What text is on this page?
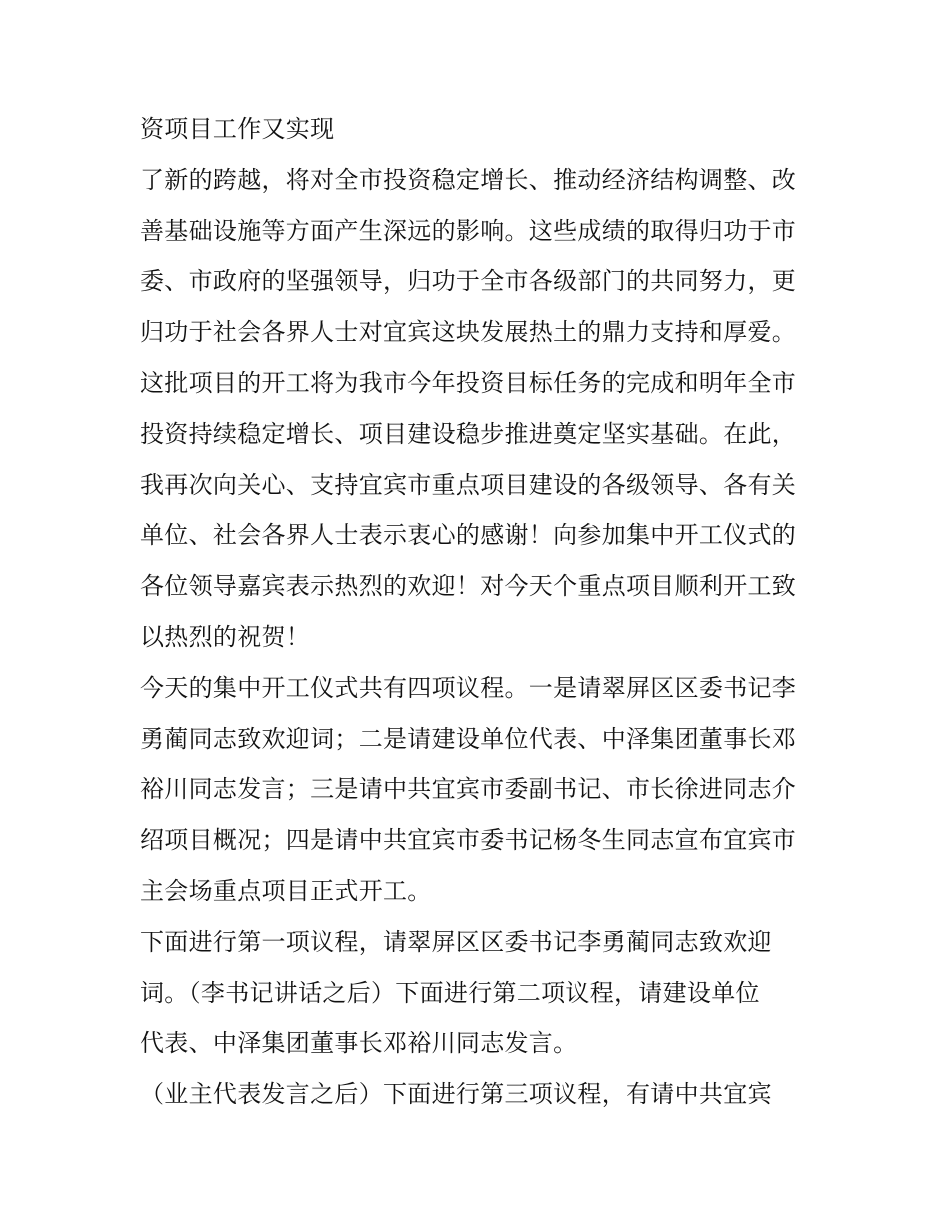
资项目工作又实现
了新的跨越，将对全市投资稳定增长、推动经济结构调整、改
善基础设施等方面产生深远的影响。这些成绩的取得归功于市
委、市政府的坚强领导，归功于全市各级部门的共同努力，更
归功于社会各界人士对宜宾这块发展热土的鼎力支持和厚爱。
这批项目的开工将为我市今年投资目标任务的完成和明年全市
投资持续稳定增长、项目建设稳步推进奠定坚实基础。在此，
我再次向关心、支持宜宾市重点项目建设的各级领导、各有关
单位、社会各界人士表示衷心的感谢！向参加集中开工仪式的
各位领导嘉宾表示热烈的欢迎！对今天个重点项目顺利开工致
以热烈的祝贺！
今天的集中开工仪式共有四项议程。一是请翠屏区区委书记李
勇蔺同志致欢迎词；二是请建设单位代表、中泽集团董事长邓
裕川同志发言；三是请中共宜宾市委副书记、市长徐进同志介
绍项目概况；四是请中共宜宾市委书记杨冬生同志宣布宜宾市
主会场重点项目正式开工。
下面进行第一项议程，请翠屏区区委书记李勇蔺同志致欢迎
词。（李书记讲话之后）下面进行第二项议程，请建设单位
代表、中泽集团董事长邓裕川同志发言。
（业主代表发言之后）下面进行第三项议程，有请中共宜宾
